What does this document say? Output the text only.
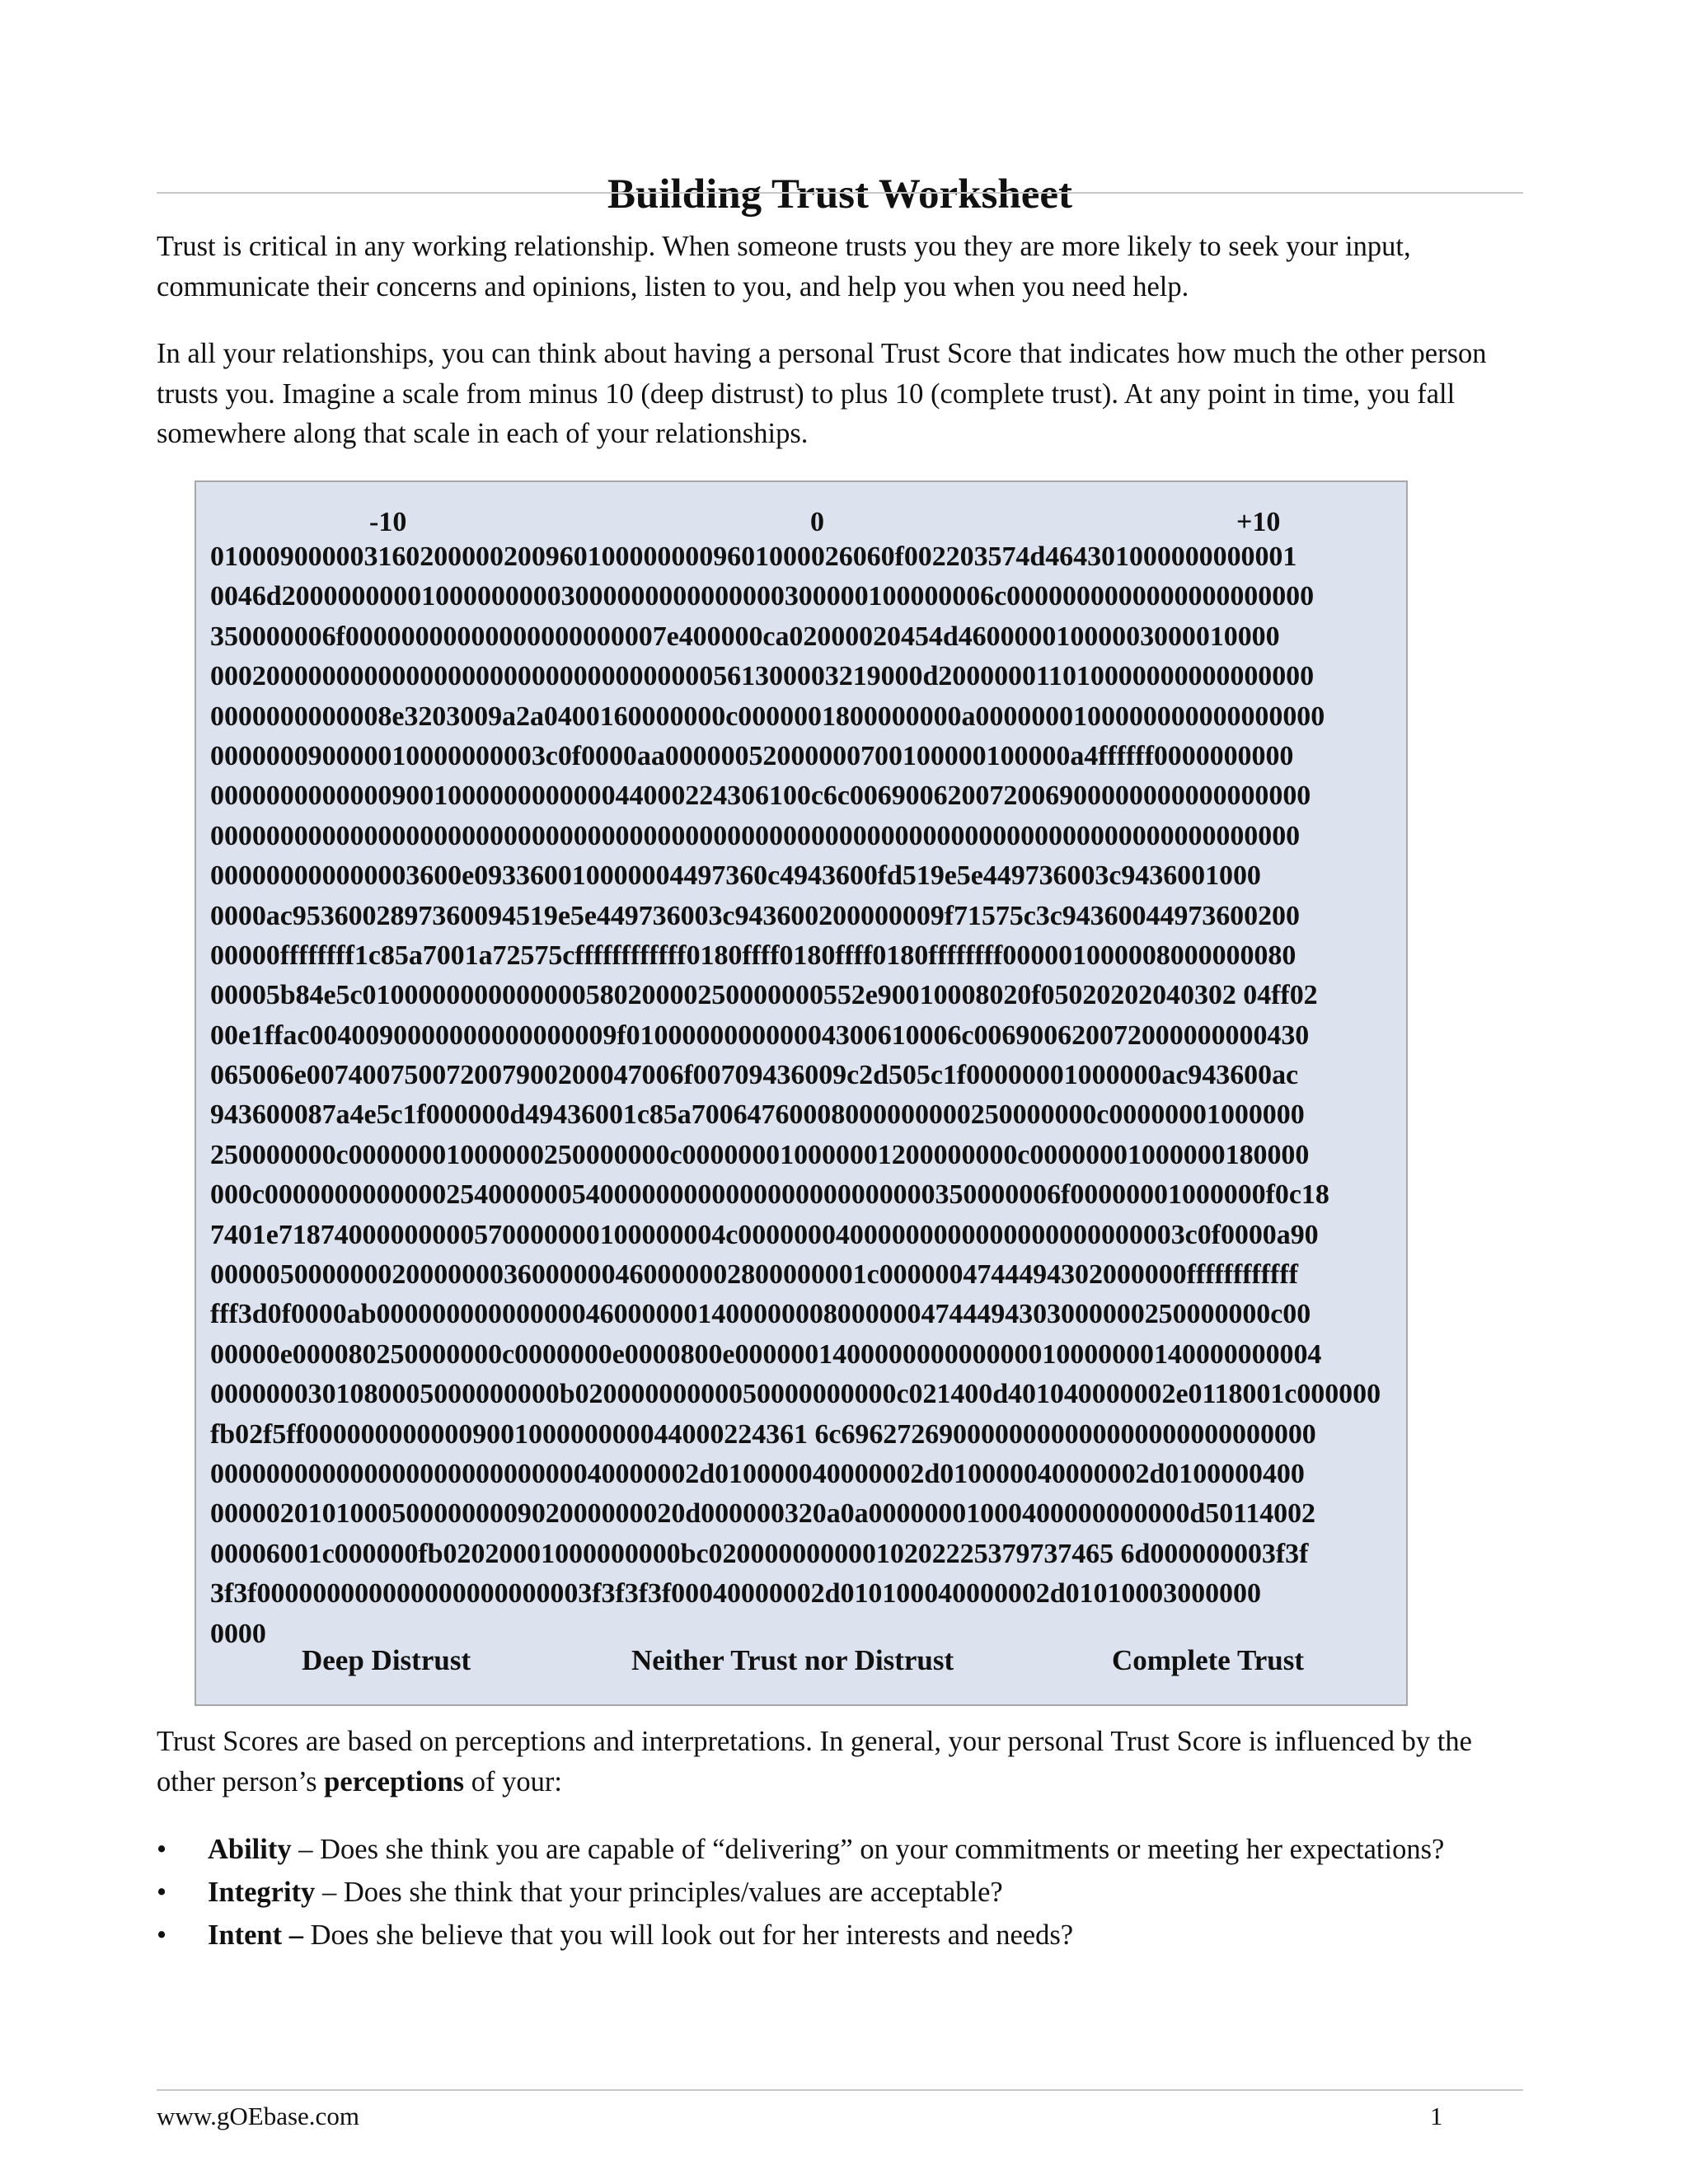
Building Trust Worksheet

Trust is critical in any working relationship. When someone trusts you they are more likely to seek your input, communicate their concerns and opinions, listen to you, and help you when you need help.

In all your relationships, you can think about having a personal Trust Score that indicates how much the other person trusts you. Imagine a scale from minus 10 (deep distrust) to plus 10 (complete trust). At any point in time, you fall somewhere along that scale in each of your relationships.

-10	0	+10
0100090000031602000002009601000000009601000026060f002203574d464301000000000001
0046d200000000010000000003000000000000000300000100000006c0000000000000000000000
350000006f00000000000000000000007e400000ca02000020454d46000001000003000010000
000200000000000000000000000000000000561300003219000d200000011010000000000000000
0000000000008e3203009a2a0400160000000c0000001800000000a0000000100000000000000000
000000090000010000000003c0f0000aa00000052000000700100000100000a4ffffff0000000000
0000000000000900100000000000044000224306100c6c006900620072006900000000000000000
000000000000000000000000000000000000000000000000000000000000000000000000000000
000000000000003600e093360010000004497360c4943600fd519e5e449736003c9436001000
0000ac9536002897360094519e5e449736003c943600200000009f71575c3c94360044973600200
00000ffffffff1c85a7001a72575cffffffffffff0180ffff0180ffff0180ffffffff000001000008000000080
00005b84e5c010000000000000058020000250000000552e90010008020f05020202040302 04ff02
00e1ffac0040090000000000000009f010000000000004300610006c006900620072000000000430
065006e007400750072007900200047006f00709436009c2d505c1f00000001000000ac943600ac
943600087a4e5c1f000000d49436001c85a70064760008000000000250000000c00000001000000
250000000c00000001000000250000000c000000010000001200000000c00000001000000180000
000c000000000000025400000054000000000000000000000000350000006f00000001000000f0c18
7401e71874000000000570000000100000004c00000004000000000000000000000003c0f0000a90
00000500000002000000036000000460000002800000001c0000004744494302000000ffffffffffff
fff3d0f0000ab0000000000000004600000014000000080000004744494303000000250000000c00
00000e000080250000000c0000000e0000800e000000140000000000000010000000140000000004
0000000301080005000000000b02000000000050000000000c021400d401040000002e0118001c000000
fb02f5ff000000000000900100000000044000224361 6c6962726900000000000000000000000000
00000000000000000000000000040000002d010000040000002d010000040000002d0100000400
0000020101000500000000902000000020d000000320a0a00000001000400000000000d50114002
00006001c000000fb02020001000000000bc02000000000010202225379737465 6d000000003f3f
3f3f000000000000000000000003f3f3f3f00040000002d010100040000002d01010003000000
0000
Deep Distrust	Neither Trust nor Distrust	Complete Trust

Trust Scores are based on perceptions and interpretations. In general, your personal Trust Score is influenced by the other person’s perceptions of your:

• Ability – Does she think you are capable of “delivering” on your commitments or meeting her expectations?
• Integrity – Does she think that your principles/values are acceptable?
• Intent – Does she believe that you will look out for her interests and needs?
www.gOEbase.com	1
